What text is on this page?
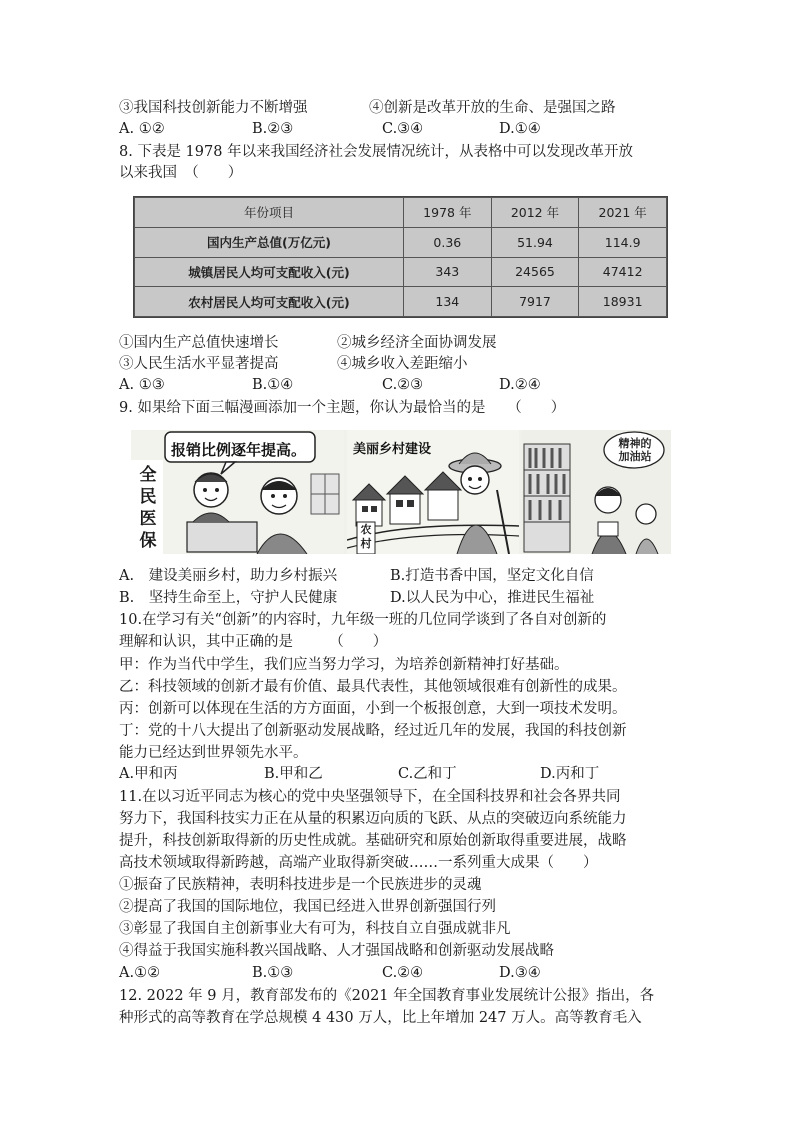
③我国科技创新能力不断增强	④创新是改革开放的生命、是强国之路
A. ①②	B.②③	C.③④	D.①④
8. 下表是 1978 年以来我国经济社会发展情况统计，从表格中可以发现改革开放
以来我国　（　　）
年份项目	1978 年	2012 年	2021 年
国内生产总值(万亿元)	0.36	51.94	114.9
城镇居民人均可支配收入(元)	343	24565	47412
农村居民人均可支配收入(元)	134	7917	18931
①国内生产总值快速增长	②城乡经济全面协调发展
③人民生活水平显著提高	④城乡收入差距缩小
A. ①③	B.①④	C.②③	D.②④
9. 如果给下面三幅漫画添加一个主题，你认为最恰当的是　　（　　）
报销比例逐年提高。
全
民
医
保
美丽乡村建设
农
村
精神的
加油站
A.　建设美丽乡村，助力乡村振兴	B.打造书香中国，坚定文化自信
B.　坚持生命至上，守护人民健康	D.以人民为中心，推进民生福祉
10.在学习有关“创新”的内容时，九年级一班的几位同学谈到了各自对创新的
理解和认识，其中正确的是　　　（　　）
甲：作为当代中学生，我们应当努力学习，为培养创新精神打好基础。
乙：科技领域的创新才最有价值、最具代表性，其他领域很难有创新性的成果。
丙：创新可以体现在生活的方方面面，小到一个板报创意，大到一项技术发明。
丁：党的十八大提出了创新驱动发展战略，经过近几年的发展，我国的科技创新
能力已经达到世界领先水平。
A.甲和丙	B.甲和乙	C.乙和丁	D.丙和丁
11.在以习近平同志为核心的党中央坚强领导下，在全国科技界和社会各界共同
努力下，我国科技实力正在从量的积累迈向质的飞跃、从点的突破迈向系统能力
提升，科技创新取得新的历史性成就。基础研究和原始创新取得重要进展，战略
高技术领域取得新跨越，高端产业取得新突破……一系列重大成果（　　）
①振奋了民族精神，表明科技进步是一个民族进步的灵魂
②提高了我国的国际地位，我国已经进入世界创新强国行列
③彰显了我国自主创新事业大有可为，科技自立自强成就非凡
④得益于我国实施科教兴国战略、人才强国战略和创新驱动发展战略
A.①②	B.①③	C.②④	D.③④
12. 2022 年 9 月，教育部发布的《2021 年全国教育事业发展统计公报》指出，各
种形式的高等教育在学总规模 4 430 万人，比上年增加 247 万人。高等教育毛入
